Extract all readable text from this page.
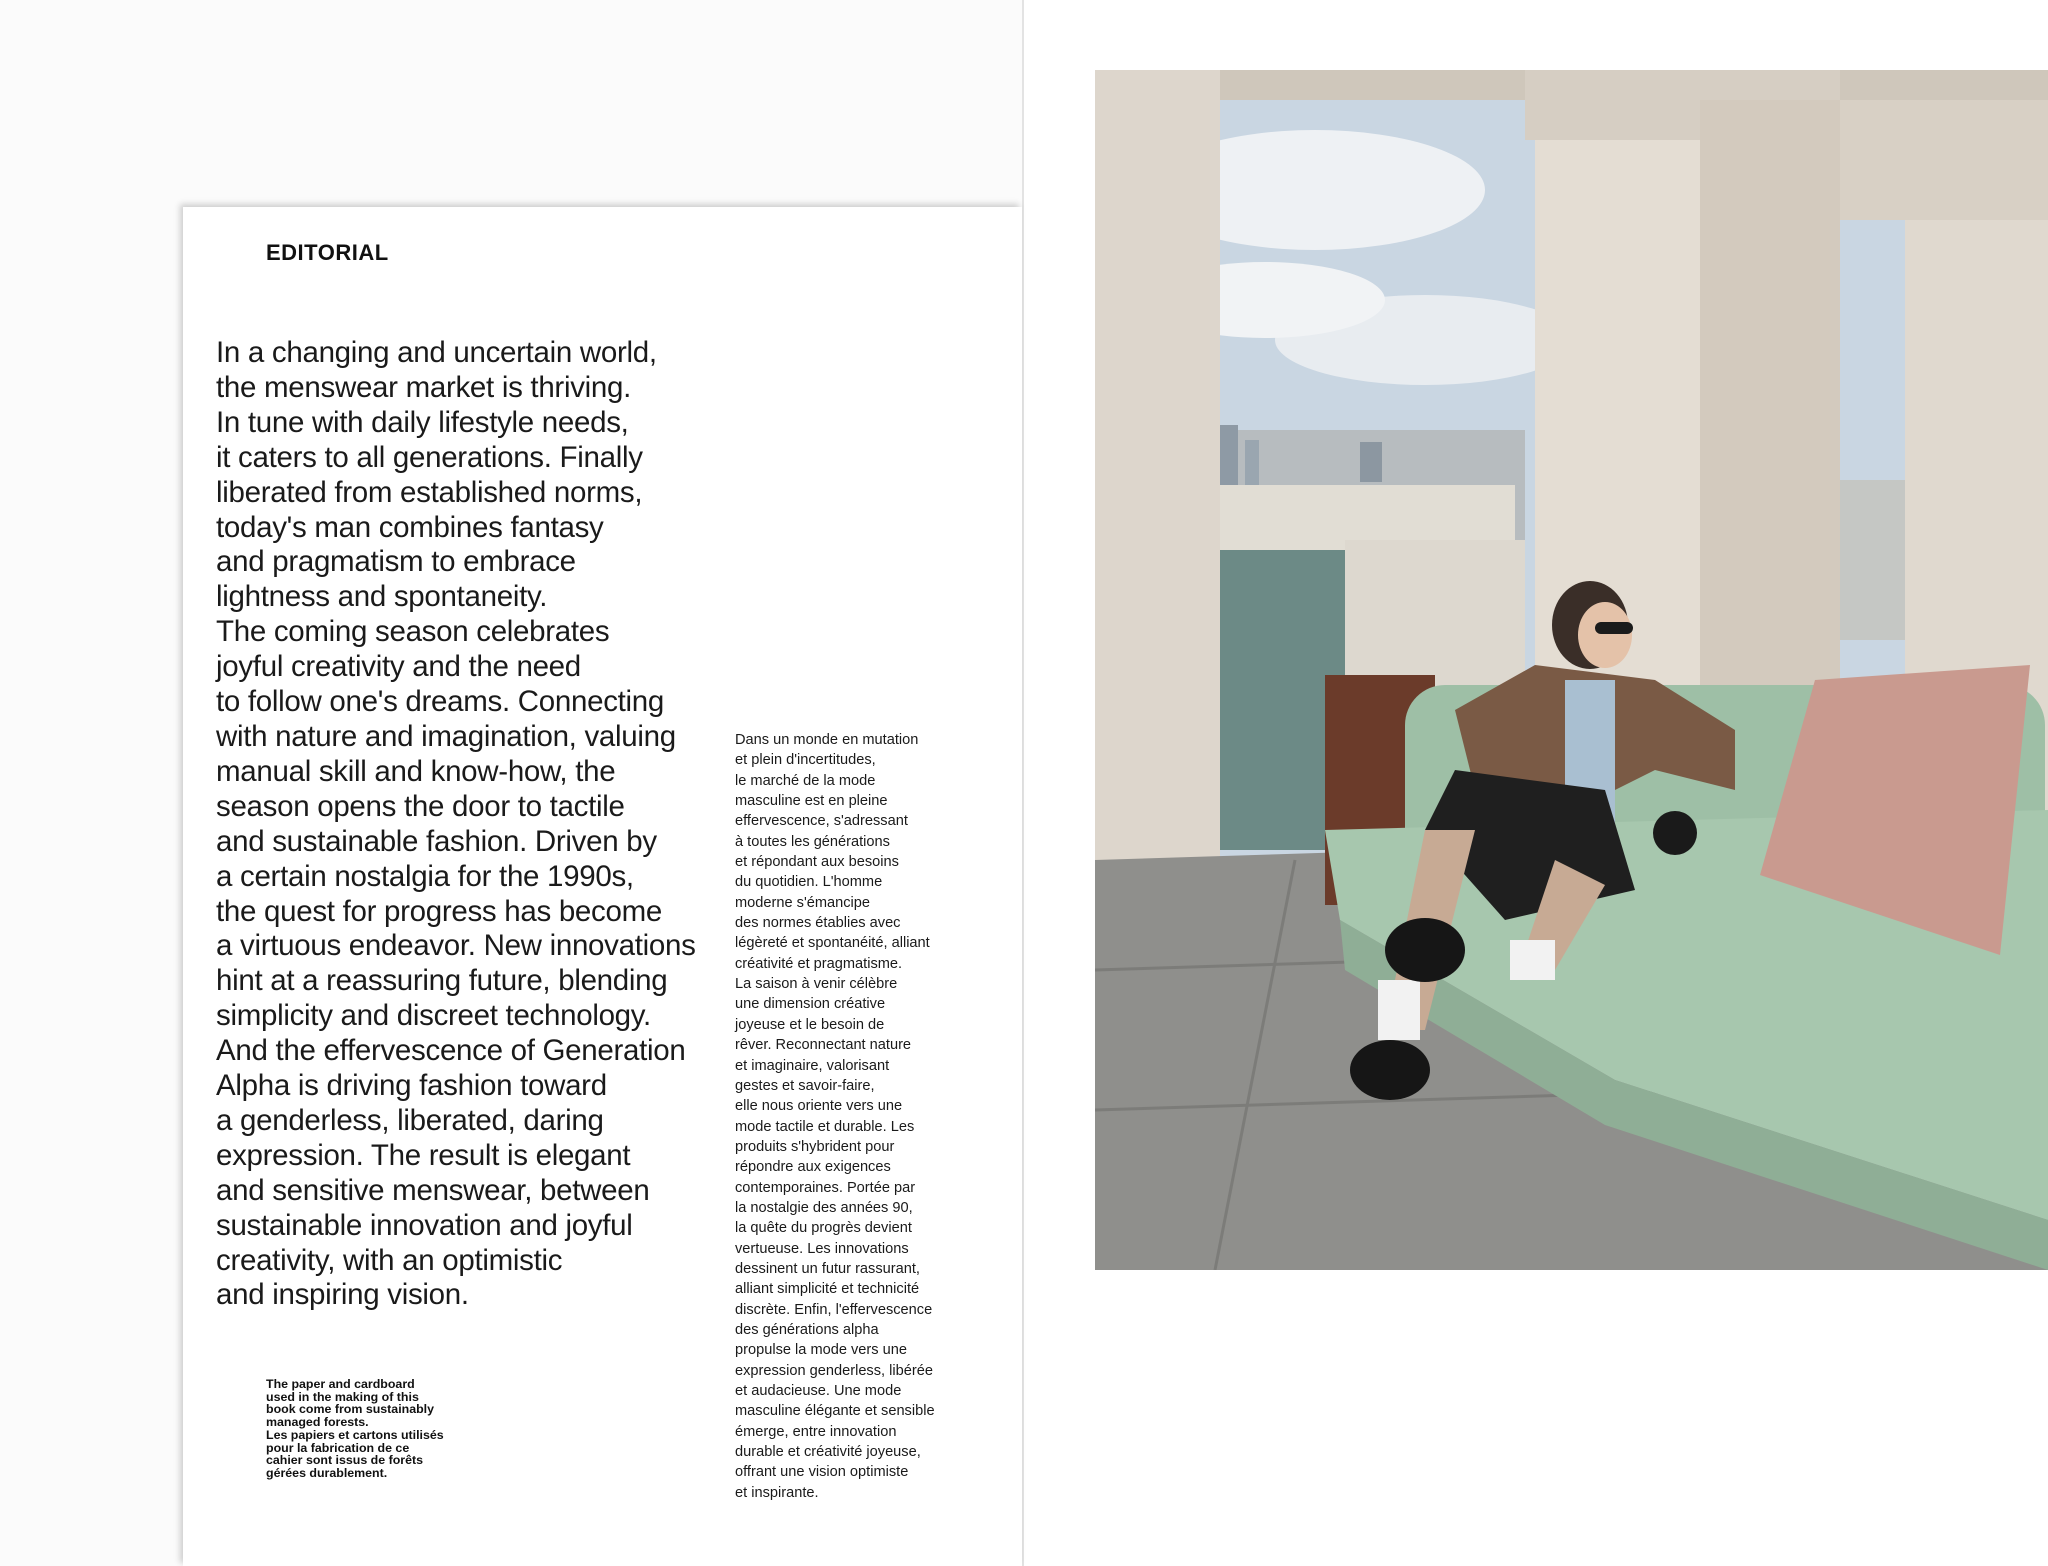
EDITORIAL
In a changing and uncertain world,
the menswear market is thriving.
In tune with daily lifestyle needs,
it caters to all generations. Finally
liberated from established norms,
today's man combines fantasy
and pragmatism to embrace
lightness and spontaneity.
The coming season celebrates
joyful creativity and the need
to follow one's dreams. Connecting
with nature and imagination, valuing
manual skill and know-how, the
season opens the door to tactile
and sustainable fashion. Driven by
a certain nostalgia for the 1990s,
the quest for progress has become
a virtuous endeavor. New innovations
hint at a reassuring future, blending
simplicity and discreet technology.
And the effervescence of Generation
Alpha is driving fashion toward
a genderless, liberated, daring
expression. The result is elegant
and sensitive menswear, between
sustainable innovation and joyful
creativity, with an optimistic
and inspiring vision.
Dans un monde en mutation
et plein d'incertitudes,
le marché de la mode
masculine est en pleine
effervescence, s'adressant
à toutes les générations
et répondant aux besoins
du quotidien. L'homme
moderne s'émancipe
des normes établies avec
légèreté et spontanéité, alliant
créativité et pragmatisme.
La saison à venir célèbre
une dimension créative
joyeuse et le besoin de
rêver. Reconnectant nature
et imaginaire, valorisant
gestes et savoir-faire,
elle nous oriente vers une
mode tactile et durable. Les
produits s'hybrident pour
répondre aux exigences
contemporaines. Portée par
la nostalgie des années 90,
la quête du progrès devient
vertueuse. Les innovations
dessinent un futur rassurant,
alliant simplicité et technicité
discrète. Enfin, l'effervescence
des générations alpha
propulse la mode vers une
expression genderless, libérée
et audacieuse. Une mode
masculine élégante et sensible
émerge, entre innovation
durable et créativité joyeuse,
offrant une vision optimiste
et inspirante.
The paper and cardboard
used in the making of this
book come from sustainably
managed forests.
Les papiers et cartons utilisés
pour la fabrication de ce
cahier sont issus de forêts
gérées durablement.
